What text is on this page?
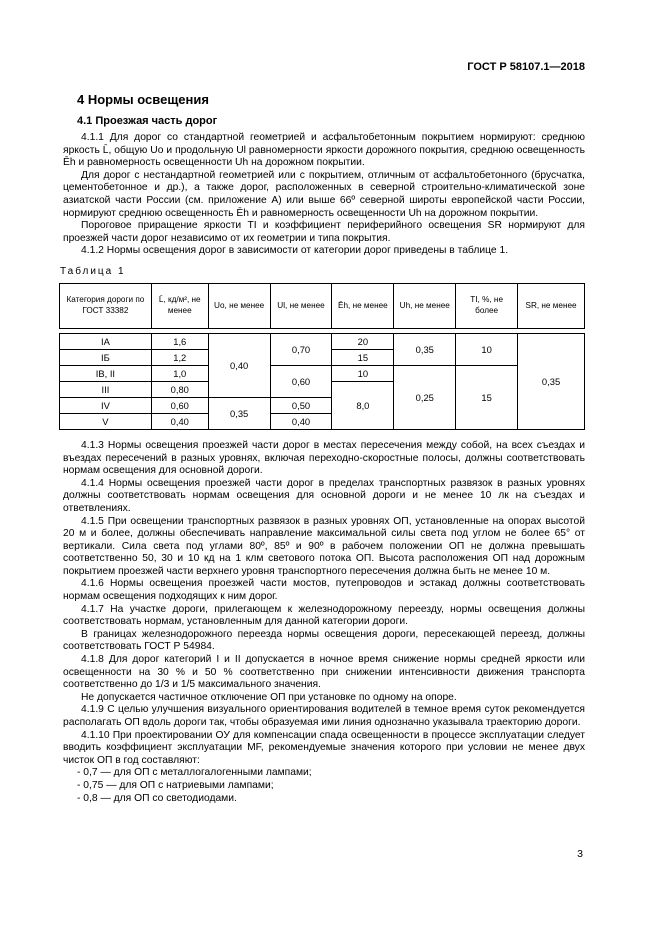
ГОСТ Р 58107.1—2018
4 Нормы освещения
4.1 Проезжая часть дорог

4.1.1 Для дорог со стандартной геометрией и асфальтобетонным покрытием нормируют: среднюю яркость L̄, общую Uo и продольную Ul равномерности яркости дорожного покрытия, среднюю освещенность Ēh и равномерность освещенности Uh на дорожном покрытии.

Для дорог с нестандартной геометрией или с покрытием, отличным от асфальтобетонного (брусчатка, цементобетонное и др.), а также дорог, расположенных в северной строительно-климатической зоне азиатской части России (см. приложение А) или выше 66º северной широты европейской части России, нормируют среднюю освещенность Ēh и равномерность освещенности Uh на дорожном покрытии.

Пороговое приращение яркости TI и коэффициент периферийного освещения SR нормируют для проезжей части дорог независимо от их геометрии и типа покрытия.

4.1.2 Нормы освещения дорог в зависимости от категории дорог приведены в таблице 1.

Таблица 1
Категория дороги по ГОСТ 33382	L̄, кд/м², не менее	Uo, не менее	Ul, не менее	Ēh, не менее	Uh, не менее	TI, %, не более	SR, не менее

IА	1,6	0,40	0,70	20	0,35	10	0,35
IБ	1,2			15			
IВ, II	1,0		0,60	10	0,25	15	
III	0,80			8,0			
IV	0,60	0,35	0,50				
V	0,40		0,40				

4.1.3 Нормы освещения проезжей части дорог в местах пересечения между собой, на всех съездах и въездах пересечений в разных уровнях, включая переходно-скоростные полосы, должны соответствовать нормам освещения для основной дороги.

4.1.4 Нормы освещения проезжей части дорог в пределах транспортных развязок в разных уровнях должны соответствовать нормам освещения для основной дороги и не менее 10 лк на съездах и ответвлениях.

4.1.5 При освещении транспортных развязок в разных уровнях ОП, установленные на опорах высотой 20 м и более, должны обеспечивать направление максимальной силы света под углом не более 65° от вертикали. Сила света под углами 80º, 85º и 90º в рабочем положении ОП не должна превышать соответственно 50, 30 и 10 кд на 1 клм светового потока ОП. Высота расположения ОП над дорожным покрытием проезжей части верхнего уровня транспортного пересечения должна быть не менее 10 м.

4.1.6 Нормы освещения проезжей части мостов, путепроводов и эстакад должны соответствовать нормам освещения подходящих к ним дорог.

4.1.7 На участке дороги, прилегающем к железнодорожному переезду, нормы освещения должны соответствовать нормам, установленным для данной категории дороги.

В границах железнодорожного переезда нормы освещения дороги, пересекающей переезд, должны соответствовать ГОСТ Р 54984.

4.1.8 Для дорог категорий I и II допускается в ночное время снижение нормы средней яркости или освещенности на 30 % и 50 % соответственно при снижении интенсивности движения транспорта соответственно до 1/3 и 1/5 максимального значения.

Не допускается частичное отключение ОП при установке по одному на опоре.

4.1.9 С целью улучшения визуального ориентирования водителей в темное время суток рекомендуется располагать ОП вдоль дороги так, чтобы образуемая ими линия однозначно указывала траекторию дороги.

4.1.10 При проектировании ОУ для компенсации спада освещенности в процессе эксплуатации следует вводить коэффициент эксплуатации MF, рекомендуемые значения которого при условии не менее двух чисток ОП в год составляют:

- 0,7 — для ОП с металлогалогенными лампами;

- 0,75 — для ОП с натриевыми лампами;

- 0,8 — для ОП со светодиодами.

3
